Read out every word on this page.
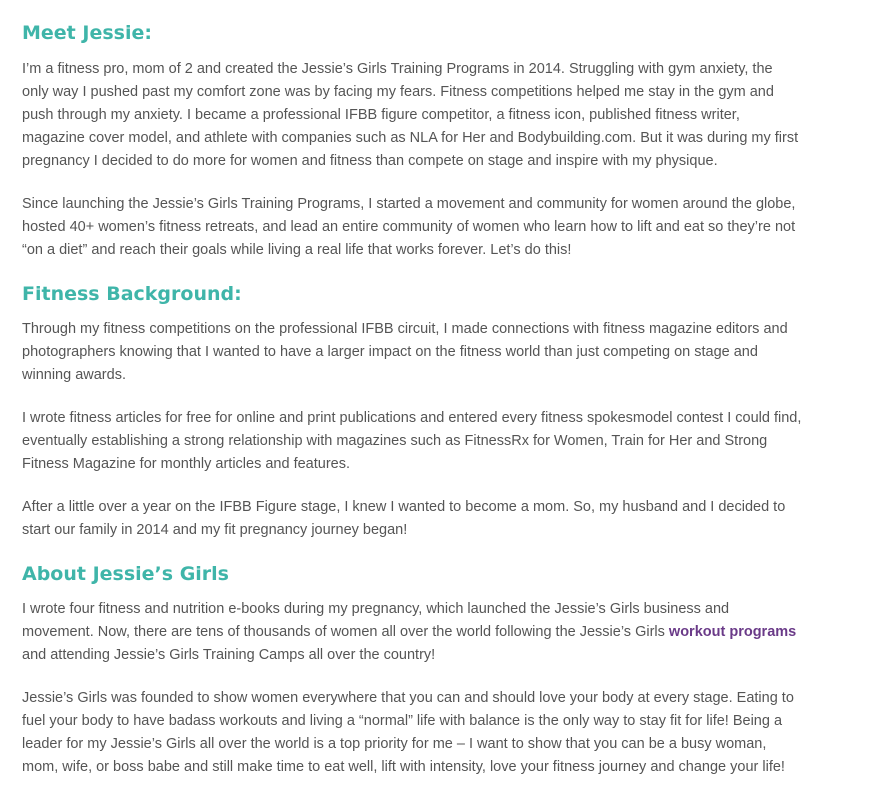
Meet Jessie:

I’m a fitness pro, mom of 2 and created the Jessie’s Girls Training Programs in 2014. Struggling with gym anxiety, the only way I pushed past my comfort zone was by facing my fears. Fitness competitions helped me stay in the gym and push through my anxiety. I became a professional IFBB figure competitor, a fitness icon, published fitness writer, magazine cover model, and athlete with companies such as NLA for Her and Bodybuilding.com. But it was during my first pregnancy I decided to do more for women and fitness than compete on stage and inspire with my physique.

Since launching the Jessie’s Girls Training Programs, I started a movement and community for women around the globe, hosted 40+ women’s fitness retreats, and lead an entire community of women who learn how to lift and eat so they’re not “on a diet” and reach their goals while living a real life that works forever. Let’s do this!

Fitness Background:

Through my fitness competitions on the professional IFBB circuit, I made connections with fitness magazine editors and photographers knowing that I wanted to have a larger impact on the fitness world than just competing on stage and winning awards.

I wrote fitness articles for free for online and print publications and entered every fitness spokesmodel contest I could find, eventually establishing a strong relationship with magazines such as FitnessRx for Women, Train for Her and Strong Fitness Magazine for monthly articles and features.

After a little over a year on the IFBB Figure stage, I knew I wanted to become a mom. So, my husband and I decided to start our family in 2014 and my fit pregnancy journey began!

About Jessie’s Girls

I wrote four fitness and nutrition e-books during my pregnancy, which launched the Jessie’s Girls business and movement. Now, there are tens of thousands of women all over the world following the Jessie’s Girls workout programs and attending Jessie’s Girls Training Camps all over the country!

Jessie’s Girls was founded to show women everywhere that you can and should love your body at every stage. Eating to fuel your body to have badass workouts and living a “normal” life with balance is the only way to stay fit for life! Being a leader for my Jessie’s Girls all over the world is a top priority for me – I want to show that you can be a busy woman, mom, wife, or boss babe and still make time to eat well, lift with intensity, love your fitness journey and change your life!
